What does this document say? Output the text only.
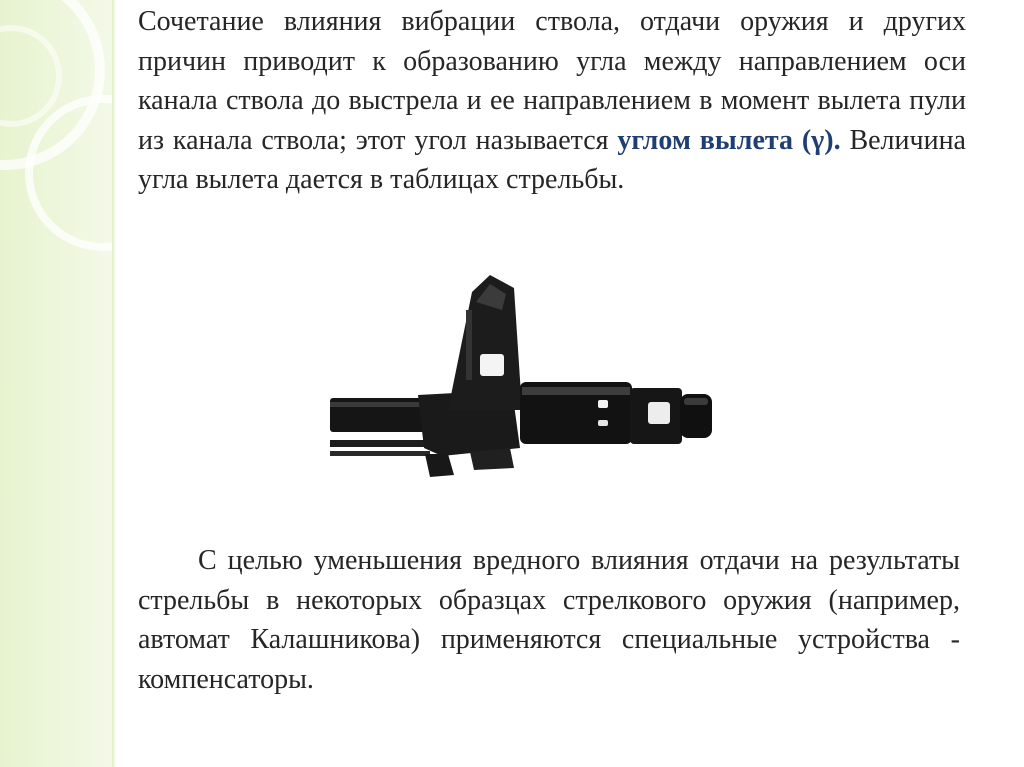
Сочетание влияния вибрации ствола, отдачи оружия и других причин приводит к образованию угла между направлением оси канала ствола до выстрела и ее направлением в момент вылета пули из канала ствола; этот угол называется углом вылета (γ). Величина угла вылета дается в таблицах стрельбы.

С целью уменьшения вредного влияния отдачи на результаты стрельбы в некоторых образцах стрелкового оружия (например, автомат Калашникова) применяются специальные устройства - компенсаторы.
